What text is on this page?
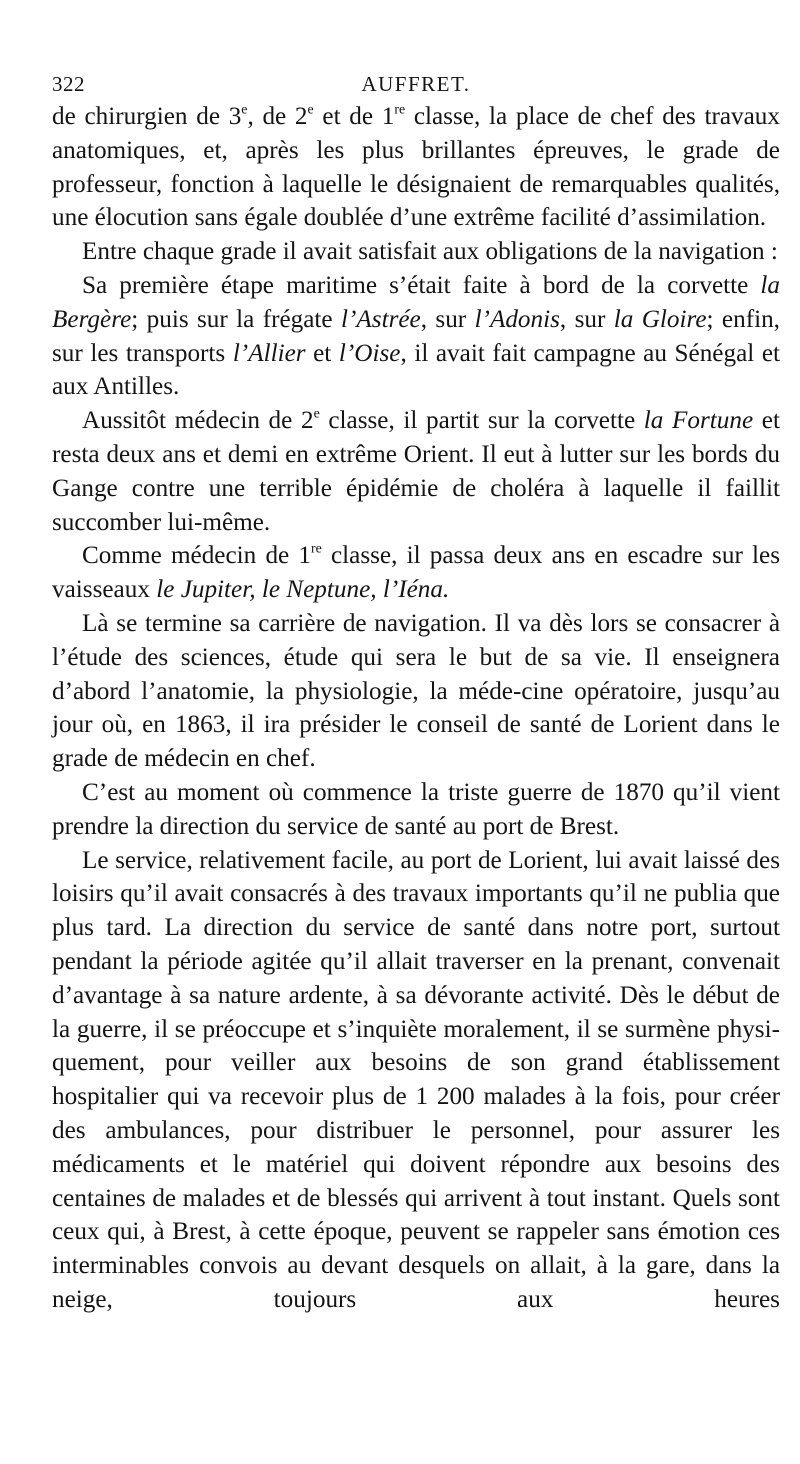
322	AUFFRET.

de chirurgien de 3e, de 2e et de 1re classe, la place de chef des travaux anatomiques, et, après les plus brillantes épreuves, le grade de professeur, fonction à laquelle le désignaient de remarquables qualités, une élocution sans égale doublée d’une extrême facilité d’assimilation.

Entre chaque grade il avait satisfait aux obligations de la navigation :

Sa première étape maritime s’était faite à bord de la corvette la Bergère; puis sur la frégate l’Astrée, sur l’Adonis, sur la Gloire; enfin, sur les transports l’Allier et l’Oise, il avait fait campagne au Sénégal et aux Antilles.

Aussitôt médecin de 2e classe, il partit sur la corvette la Fortune et resta deux ans et demi en extrême Orient. Il eut à lutter sur les bords du Gange contre une terrible épidémie de choléra à laquelle il faillit succomber lui-même.

Comme médecin de 1re classe, il passa deux ans en escadre sur les vaisseaux le Jupiter, le Neptune, l’Iéna.

Là se termine sa carrière de navigation. Il va dès lors se consacrer à l’étude des sciences, étude qui sera le but de sa vie. Il enseignera d’abord l’anatomie, la physiologie, la méde-cine opératoire, jusqu’au jour où, en 1863, il ira présider le conseil de santé de Lorient dans le grade de médecin en chef.

C’est au moment où commence la triste guerre de 1870 qu’il vient prendre la direction du service de santé au port de Brest.

Le service, relativement facile, au port de Lorient, lui avait laissé des loisirs qu’il avait consacrés à des travaux importants qu’il ne publia que plus tard. La direction du service de santé dans notre port, surtout pendant la période agitée qu’il allait traverser en la prenant, convenait d’avantage à sa nature ardente, à sa dévorante activité. Dès le début de la guerre, il se préoccupe et s’inquiète moralement, il se surmène physi-quement, pour veiller aux besoins de son grand établissement hospitalier qui va recevoir plus de 1 200 malades à la fois, pour créer des ambulances, pour distribuer le personnel, pour assurer les médicaments et le matériel qui doivent répondre aux besoins des centaines de malades et de blessés qui arrivent à tout instant. Quels sont ceux qui, à Brest, à cette époque, peuvent se rappeler sans émotion ces interminables convois au devant desquels on allait, à la gare, dans la neige, toujours aux heures
